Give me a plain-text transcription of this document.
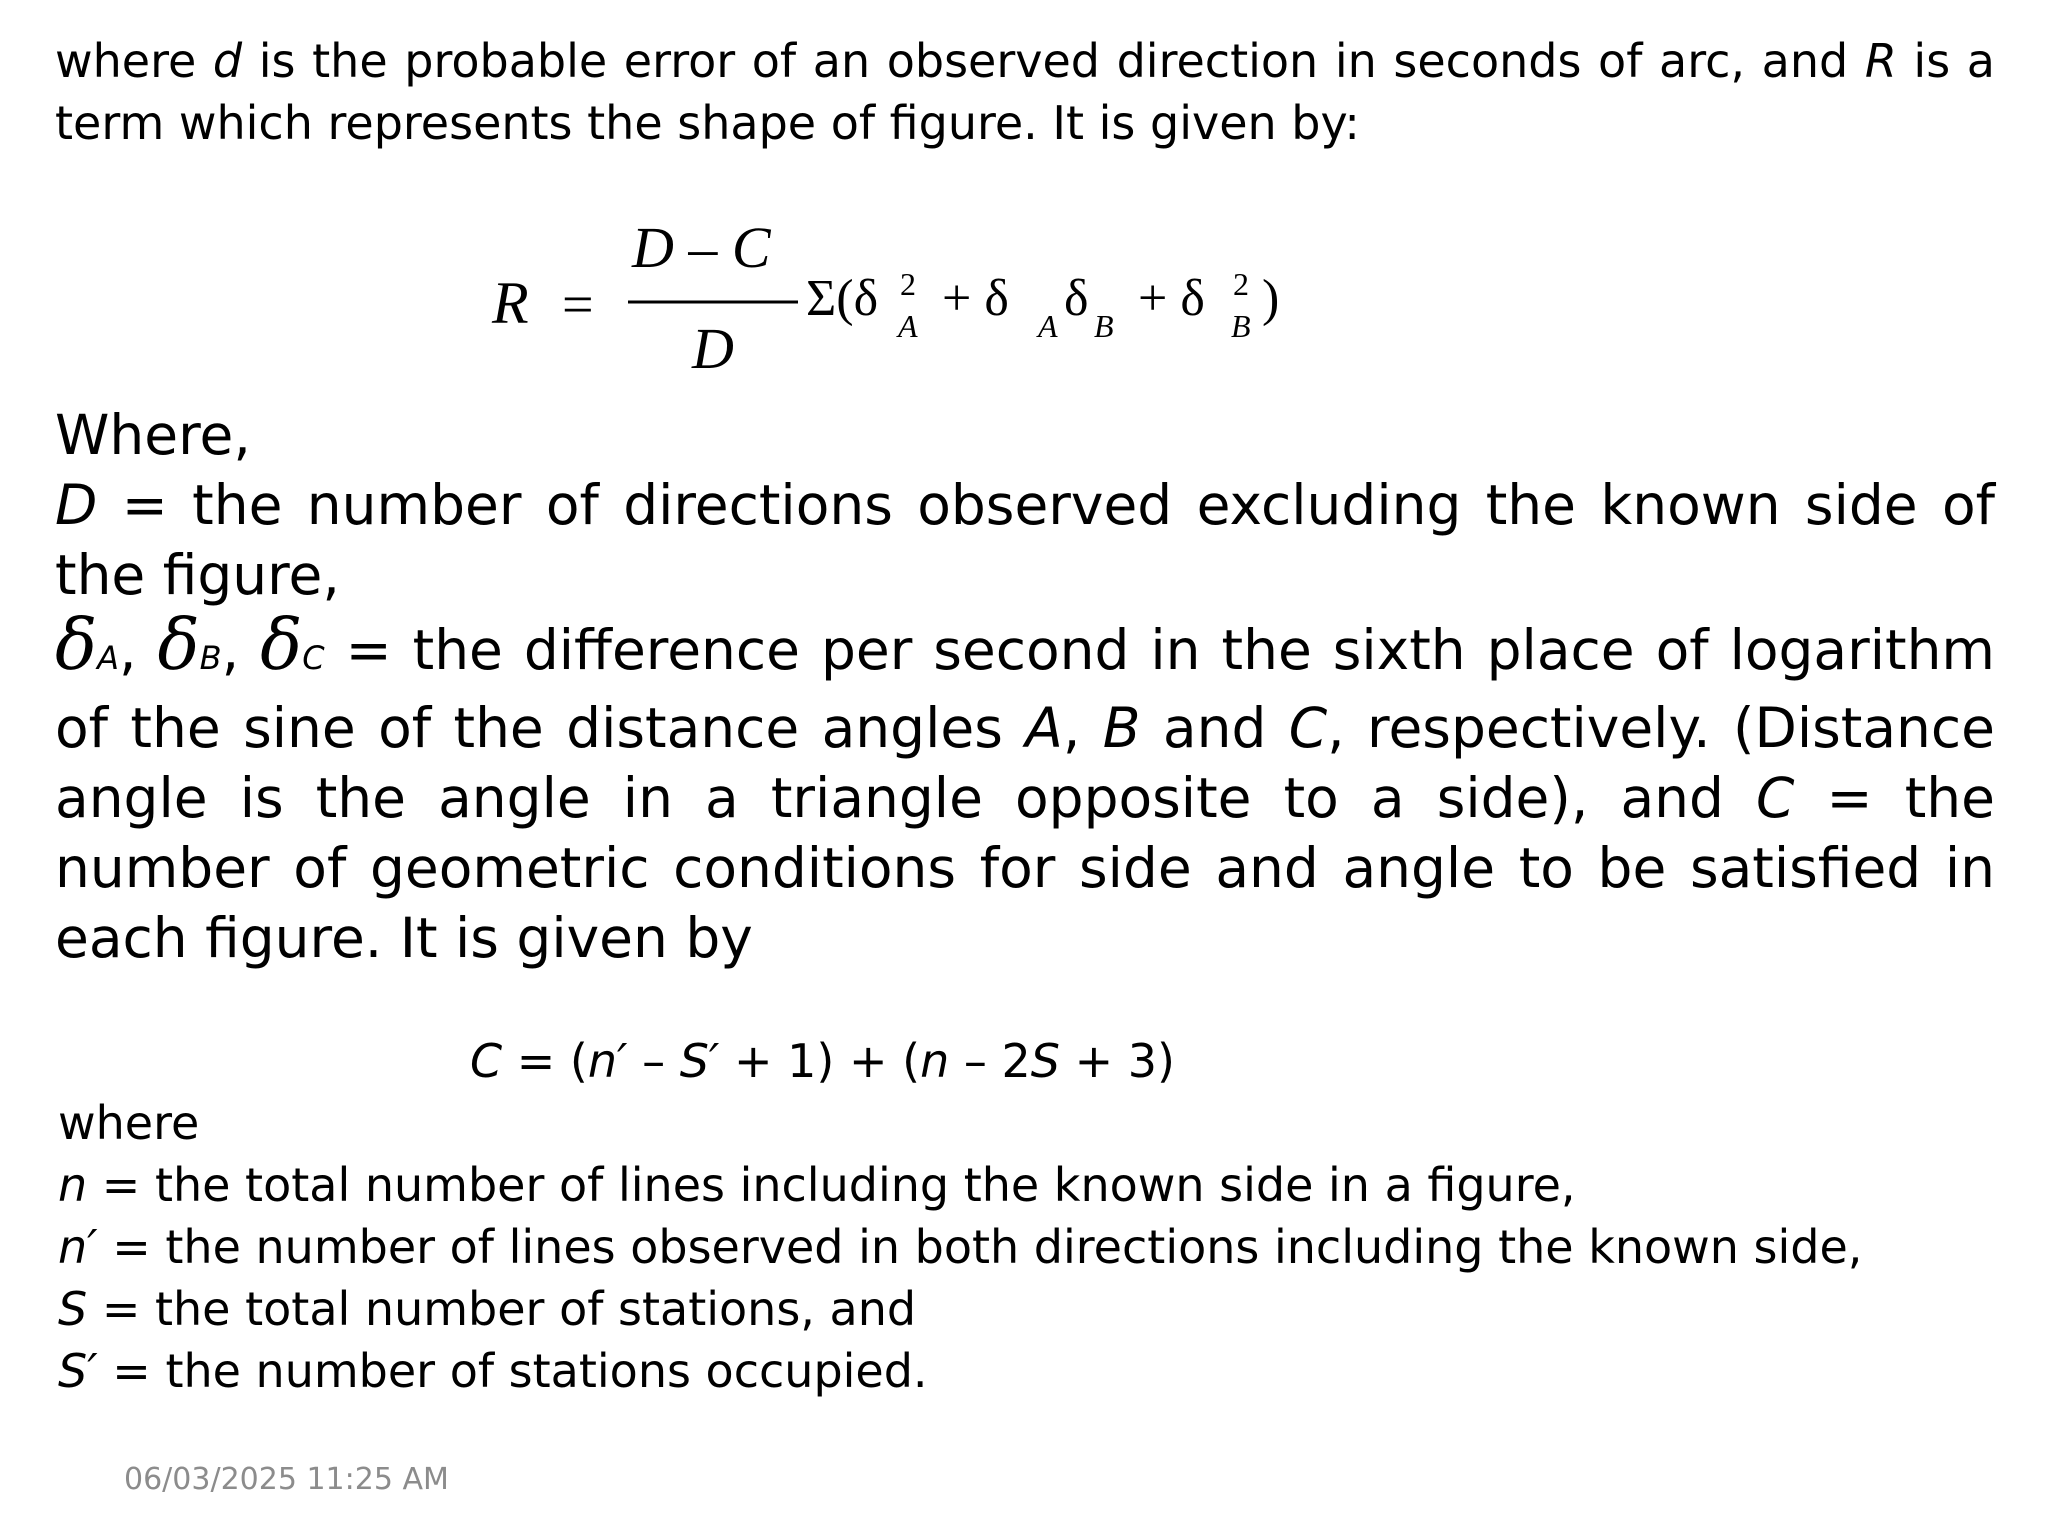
where d is the probable error of an observed direction in seconds of arc, and R is a term which represents the shape of figure. It is given by:

R =
D – C
D
Σ(δ 2
A + δ A δ B + δ 2
B )
Where,
D = the number of directions observed excluding the known side of the figure,
δA, δB, δC = the difference per second in the sixth place of logarithm of the sine of the distance angles A, B and C, respectively. (Distance angle is the angle in a triangle opposite to a side), and C = the number of geometric conditions for side and angle to be satisfied in each figure. It is given by
C = (n′ – S′ + 1) + (n – 2S + 3)
where
n = the total number of lines including the known side in a figure,
n′ = the number of lines observed in both directions including the known side,
S = the total number of stations, and
S′ = the number of stations occupied.
06/03/2025 11:25 AM
